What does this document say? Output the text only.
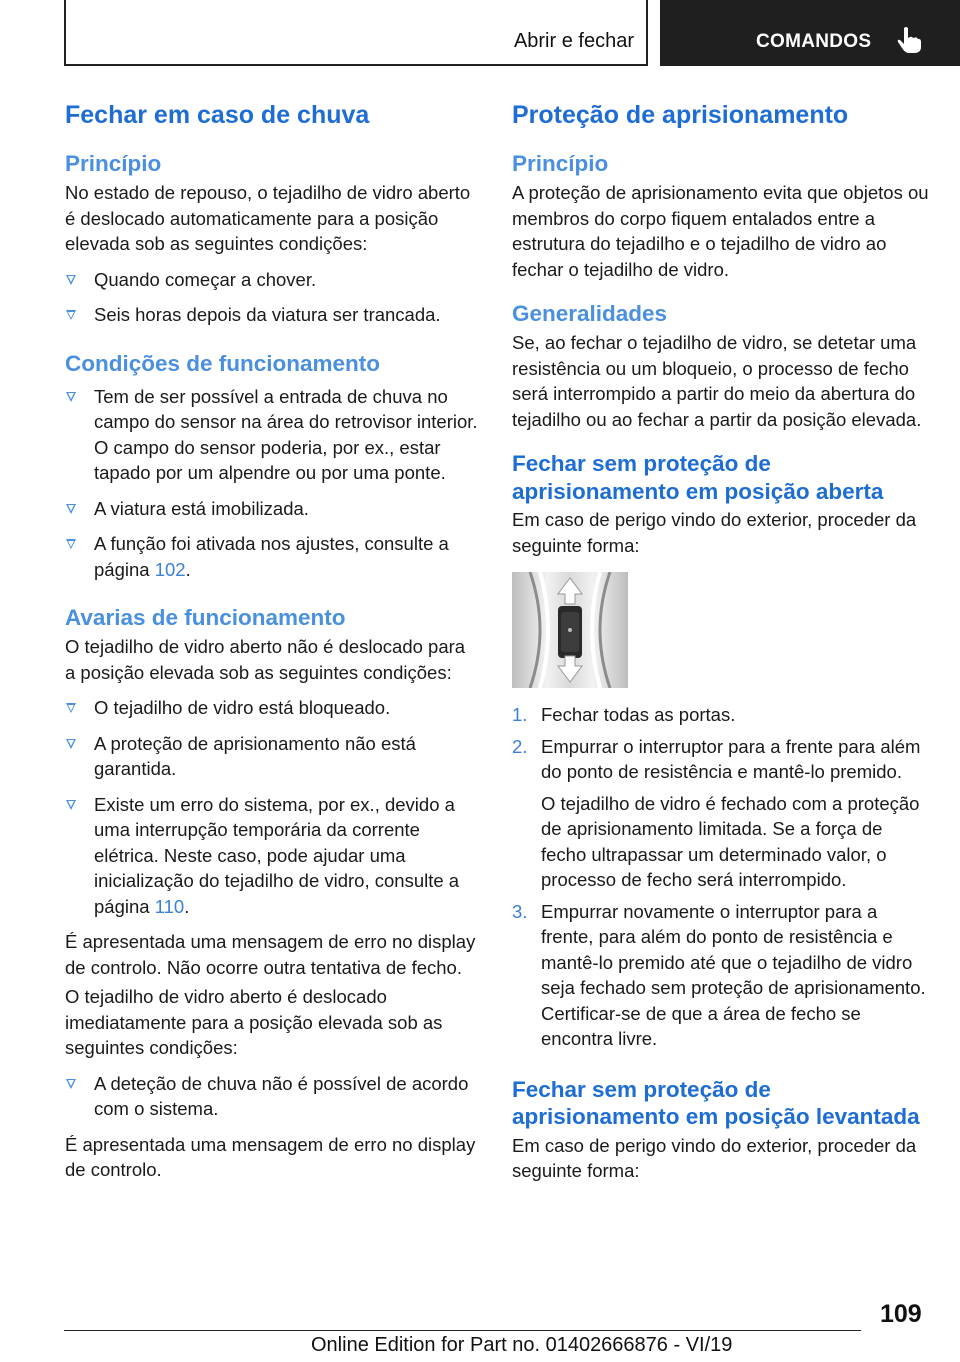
Abrir e fechar	COMANDOS
Fechar em caso de chuva
Princípio

No estado de repouso, o tejadilho de vidro aberto é deslocado automaticamente para a posição elevada sob as seguintes condições:

Quando começar a chover.
Seis horas depois da viatura ser trancada.
Condições de funcionamento
Tem de ser possível a entrada de chuva no campo do sensor na área do retrovisor interior. O campo do sensor poderia, por ex., estar tapado por um alpendre ou por uma ponte.
A viatura está imobilizada.
A função foi ativada nos ajustes, consulte a página 102.
Avarias de funcionamento

O tejadilho de vidro aberto não é deslocado para a posição elevada sob as seguintes condições:

O tejadilho de vidro está bloqueado.
A proteção de aprisionamento não está garantida.
Existe um erro do sistema, por ex., devido a uma interrupção temporária da corrente elétrica. Neste caso, pode ajudar uma inicialização do tejadilho de vidro, consulte a página 110.

É apresentada uma mensagem de erro no display de controlo. Não ocorre outra tentativa de fecho.

O tejadilho de vidro aberto é deslocado imediatamente para a posição elevada sob as seguintes condições:

A deteção de chuva não é possível de acordo com o sistema.

É apresentada uma mensagem de erro no display de controlo.

Proteção de aprisionamento
Princípio

A proteção de aprisionamento evita que objetos ou membros do corpo fiquem entalados entre a estrutura do tejadilho e o tejadilho de vidro ao fechar o tejadilho de vidro.

Generalidades

Se, ao fechar o tejadilho de vidro, se detetar uma resistência ou um bloqueio, o processo de fecho será interrompido a partir do meio da abertura do tejadilho ou ao fechar a partir da posição elevada.

Fechar sem proteção de aprisionamento em posição aberta

Em caso de perigo vindo do exterior, proceder da seguinte forma:

1. Fechar todas as portas.
2. Empurrar o interruptor para a frente para além do ponto de resistência e mantê-lo premido.
O tejadilho de vidro é fechado com a proteção de aprisionamento limitada. Se a força de fecho ultrapassar um determinado valor, o processo de fecho será interrompido.
3. Empurrar novamente o interruptor para a frente, para além do ponto de resistência e mantê-lo premido até que o tejadilho de vidro seja fechado sem proteção de aprisionamento. Certificar-se de que a área de fecho se encontra livre.
Fechar sem proteção de aprisionamento em posição levantada

Em caso de perigo vindo do exterior, proceder da seguinte forma:

109
Online Edition for Part no. 01402666876 - VI/19
